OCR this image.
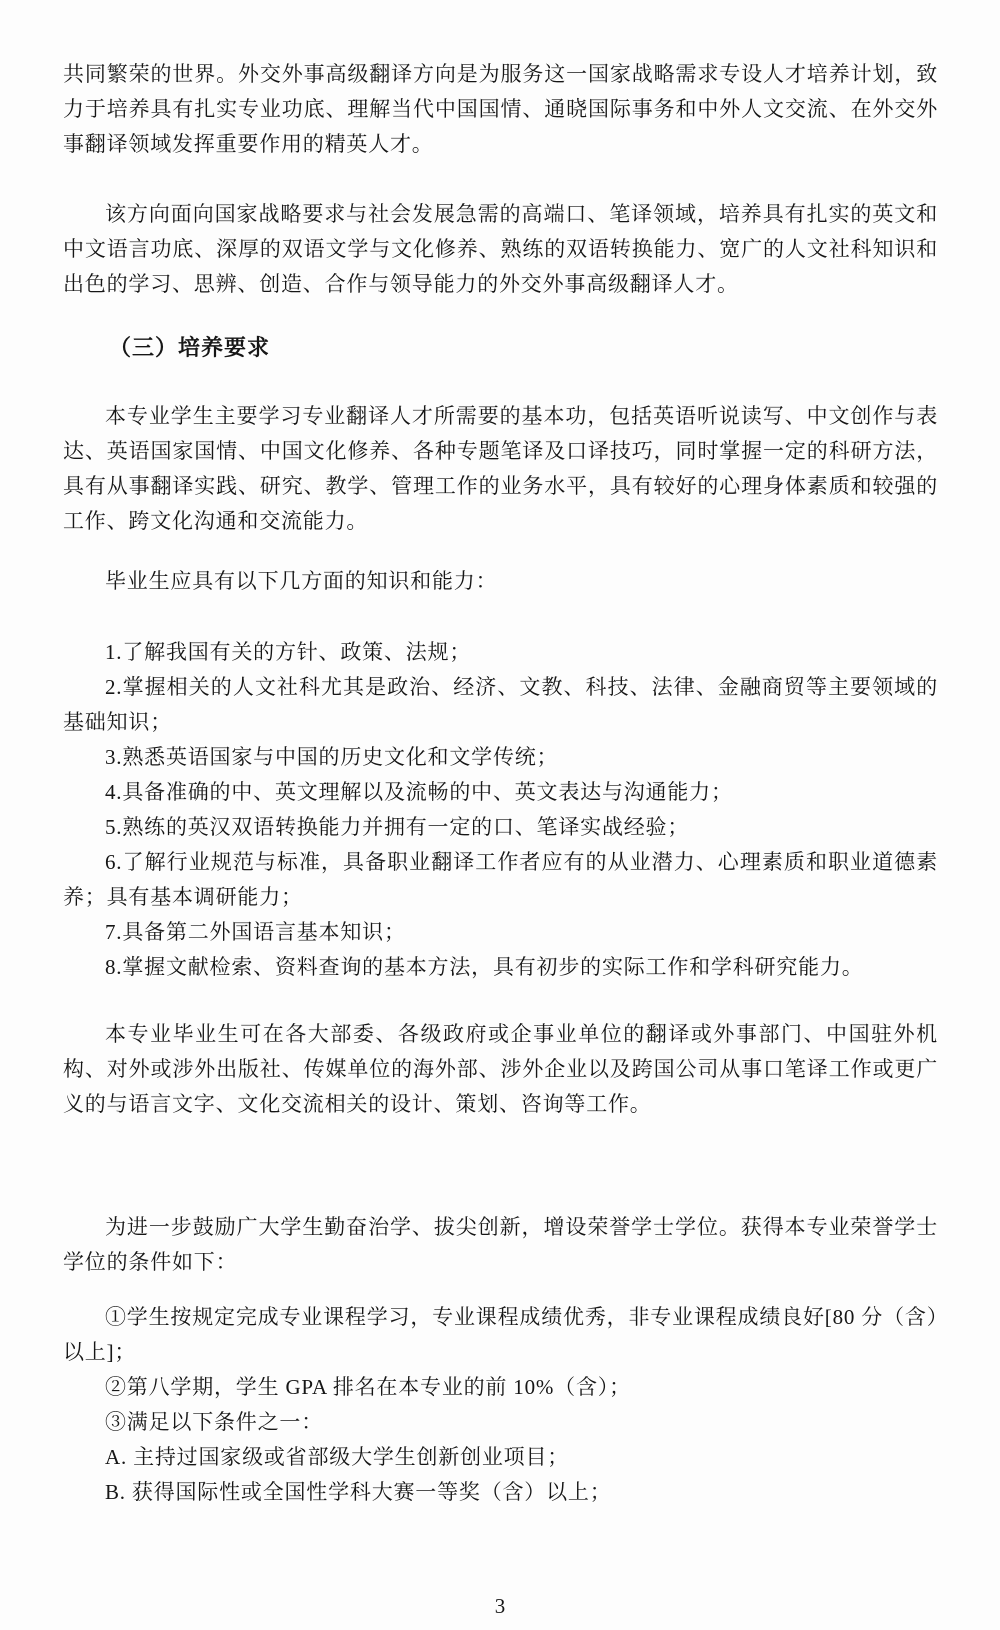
共同繁荣的世界。外交外事高级翻译方向是为服务这一国家战略需求专设人才培养计划，致力于培养具有扎实专业功底、理解当代中国国情、通晓国际事务和中外人文交流、在外交外事翻译领域发挥重要作用的精英人才。

该方向面向国家战略要求与社会发展急需的高端口、笔译领域，培养具有扎实的英文和中文语言功底、深厚的双语文学与文化修养、熟练的双语转换能力、宽广的人文社科知识和出色的学习、思辨、创造、合作与领导能力的外交外事高级翻译人才。

（三）培养要求

本专业学生主要学习专业翻译人才所需要的基本功，包括英语听说读写、中文创作与表达、英语国家国情、中国文化修养、各种专题笔译及口译技巧，同时掌握一定的科研方法，具有从事翻译实践、研究、教学、管理工作的业务水平，具有较好的心理身体素质和较强的工作、跨文化沟通和交流能力。

毕业生应具有以下几方面的知识和能力：

1.了解我国有关的方针、政策、法规；

2.掌握相关的人文社科尤其是政治、经济、文教、科技、法律、金融商贸等主要领域的基础知识；

3.熟悉英语国家与中国的历史文化和文学传统；

4.具备准确的中、英文理解以及流畅的中、英文表达与沟通能力；

5.熟练的英汉双语转换能力并拥有一定的口、笔译实战经验；

6.了解行业规范与标准，具备职业翻译工作者应有的从业潜力、心理素质和职业道德素养；具有基本调研能力；

7.具备第二外国语言基本知识；

8.掌握文献检索、资料查询的基本方法，具有初步的实际工作和学科研究能力。

本专业毕业生可在各大部委、各级政府或企事业单位的翻译或外事部门、中国驻外机构、对外或涉外出版社、传媒单位的海外部、涉外企业以及跨国公司从事口笔译工作或更广义的与语言文字、文化交流相关的设计、策划、咨询等工作。

为进一步鼓励广大学生勤奋治学、拔尖创新，增设荣誉学士学位。获得本专业荣誉学士学位的条件如下：

①学生按规定完成专业课程学习，专业课程成绩优秀，非专业课程成绩良好[80 分（含）以上]；

②第八学期，学生 GPA 排名在本专业的前 10%（含）；

③满足以下条件之一：

A. 主持过国家级或省部级大学生创新创业项目；

B. 获得国际性或全国性学科大赛一等奖（含）以上；

3
